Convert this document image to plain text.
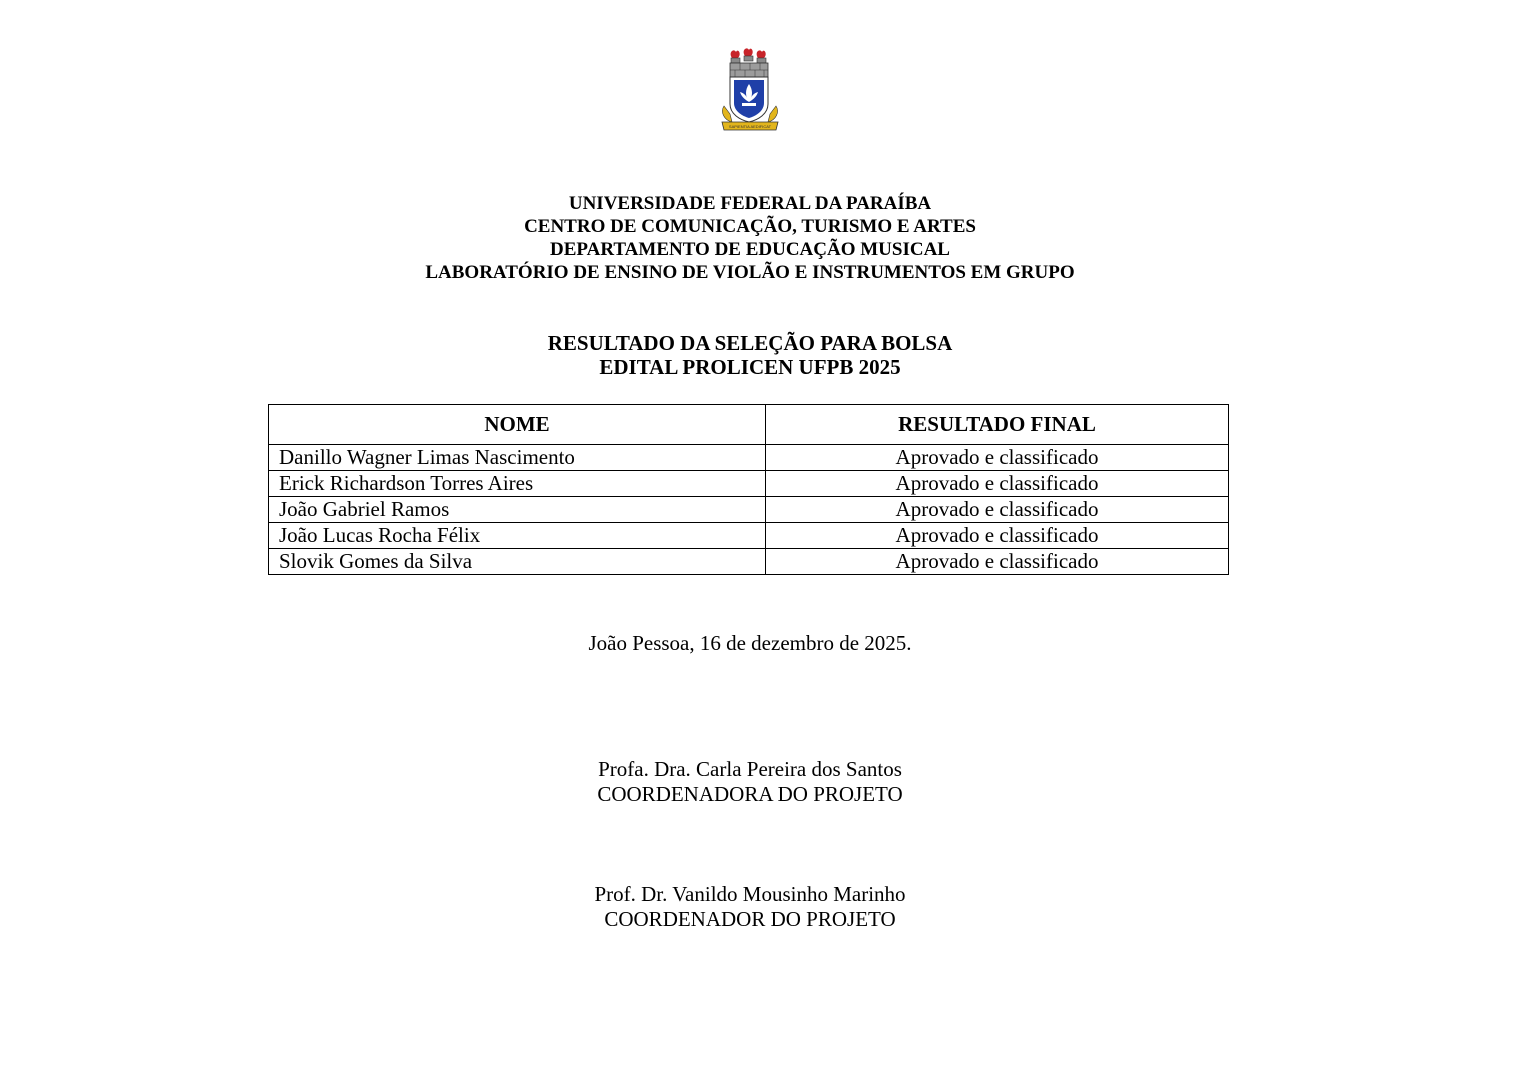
SAPIENTIA AEDIFICAT
UNIVERSIDADE FEDERAL DA PARAÍBA
CENTRO DE COMUNICAÇÃO, TURISMO E ARTES
DEPARTAMENTO DE EDUCAÇÃO MUSICAL
LABORATÓRIO DE ENSINO DE VIOLÃO E INSTRUMENTOS EM GRUPO
RESULTADO DA SELEÇÃO PARA BOLSA
EDITAL PROLICEN UFPB 2025
NOME	RESULTADO FINAL
Danillo Wagner Limas Nascimento	Aprovado e classificado
Erick Richardson Torres Aires	Aprovado e classificado
João Gabriel Ramos	Aprovado e classificado
João Lucas Rocha Félix	Aprovado e classificado
Slovik Gomes da Silva	Aprovado e classificado
João Pessoa, 16 de dezembro de 2025.
Profa. Dra. Carla Pereira dos Santos
COORDENADORA DO PROJETO
Prof. Dr. Vanildo Mousinho Marinho
COORDENADOR DO PROJETO
